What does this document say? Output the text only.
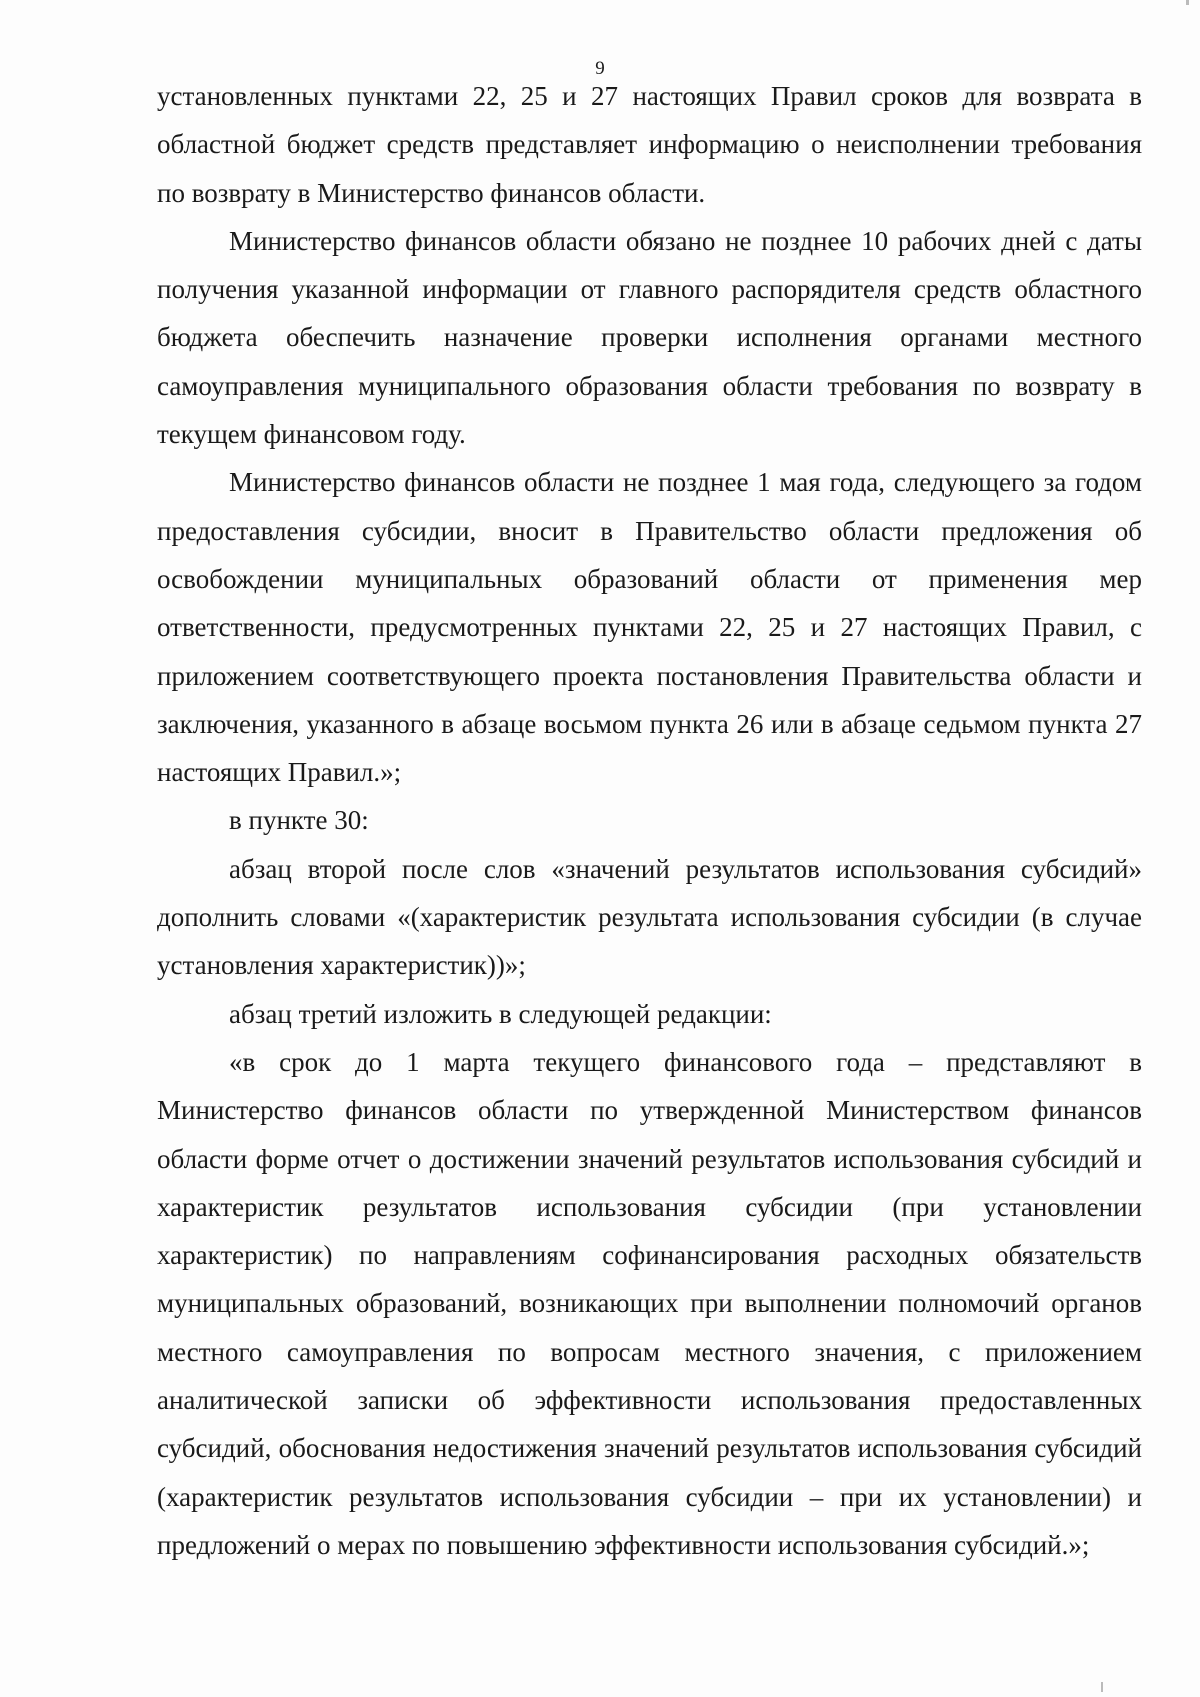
9

установленных пунктами 22, 25 и 27 настоящих Правил сроков для возврата в областной бюджет средств представляет информацию о неисполнении требования по возврату в Министерство финансов области.

Министерство финансов области обязано не позднее 10 рабочих дней с даты получения указанной информации от главного распорядителя средств областного бюджета обеспечить назначение проверки исполнения органами местного самоуправления муниципального образования области требования по возврату в текущем финансовом году.

Министерство финансов области не позднее 1 мая года, следующего за годом предоставления субсидии, вносит в Правительство области предложения об освобождении муниципальных образований области от применения мер ответственности, предусмотренных пунктами 22, 25 и 27 настоящих Правил, с приложением соответствующего проекта постановления Правительства области и заключения, указанного в абзаце восьмом пункта 26 или в абзаце седьмом пункта 27 настоящих Правил.»;

в пункте 30:

абзац второй после слов «значений результатов использования субсидий» дополнить словами «(характеристик результата использования субсидии (в случае установления характеристик))»;

абзац третий изложить в следующей редакции:

«в срок до 1 марта текущего финансового года – представляют в Министерство финансов области по утвержденной Министерством финансов области форме отчет о достижении значений результатов использования субсидий и характеристик результатов использования субсидии (при установлении характеристик) по направлениям софинансирования расходных обязательств муниципальных образований, возникающих при выполнении полномочий органов местного самоуправления по вопросам местного значения, с приложением аналитической записки об эффективности использования предоставленных субсидий, обоснования недостижения значений результатов использования субсидий (характеристик результатов использования субсидии – при их установлении) и предложений о мерах по повышению эффективности использования субсидий.»;
